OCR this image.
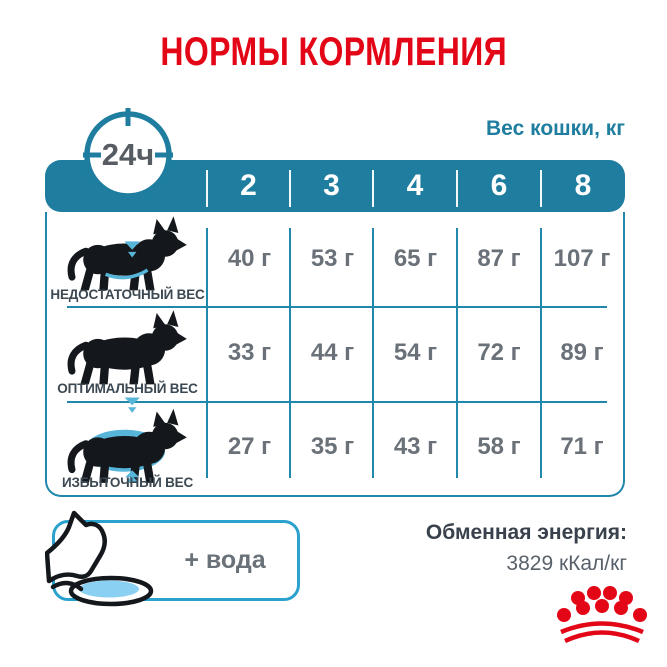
НОРМЫ КОРМЛЕНИЯ
Вес кошки, кг
2	3	4	6	8
НЕДОСТАТОЧНЫЙ ВЕС
40 г	53 г	65 г	87 г	107 г
ОПТИМАЛЬНЫЙ ВЕС
33 г	44 г	54 г	72 г	89 г
ИЗБЫТОЧНЫЙ ВЕС
27 г	35 г	43 г	58 г	71 г
24ч
+ вода
Обменная энергия:
3829 кКал/кг
